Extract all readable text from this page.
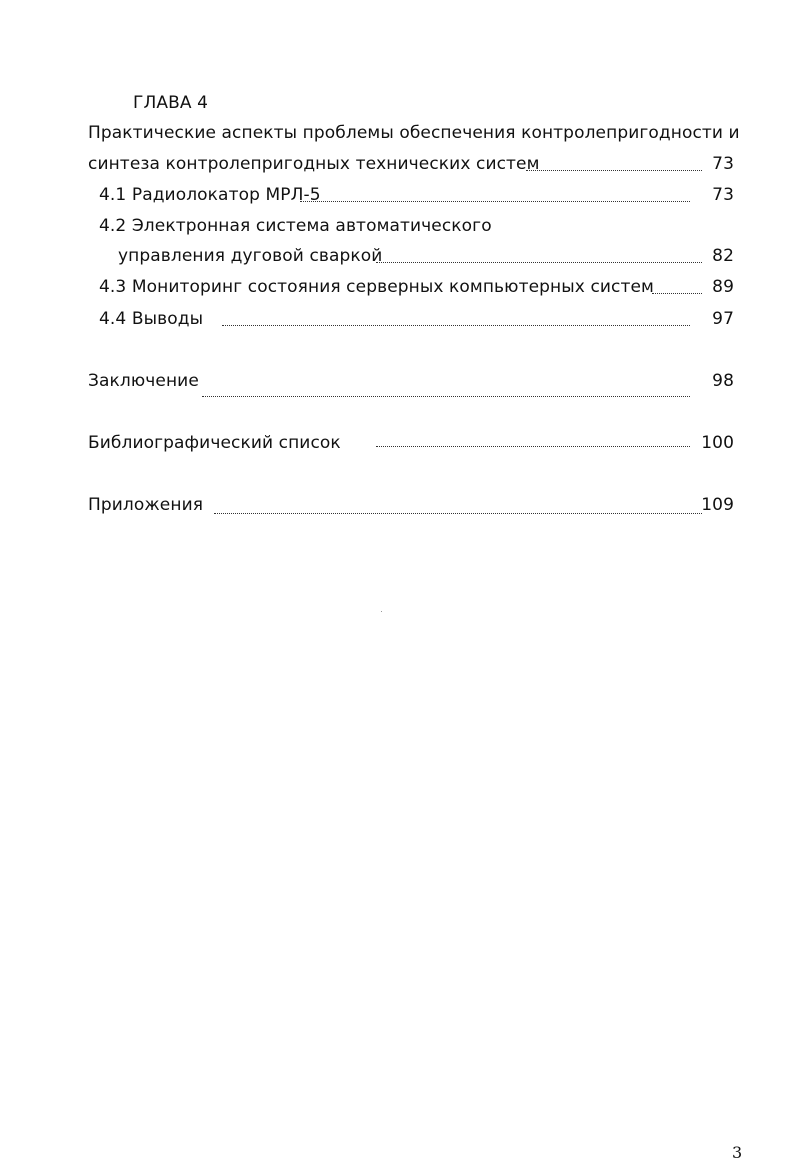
ГЛАВА 4
Практические аспекты проблемы обеспечения контролепригодности и
синтеза контролепригодных технических систем	73
4.1 Радиолокатор МРЛ-5	73
4.2 Электронная система автоматического
управления дуговой сваркой	82
4.3 Мониторинг состояния серверных компьютерных систем	89
4.4 Выводы	97
Заключение	98
Библиографический список	100
Приложения	109
3
